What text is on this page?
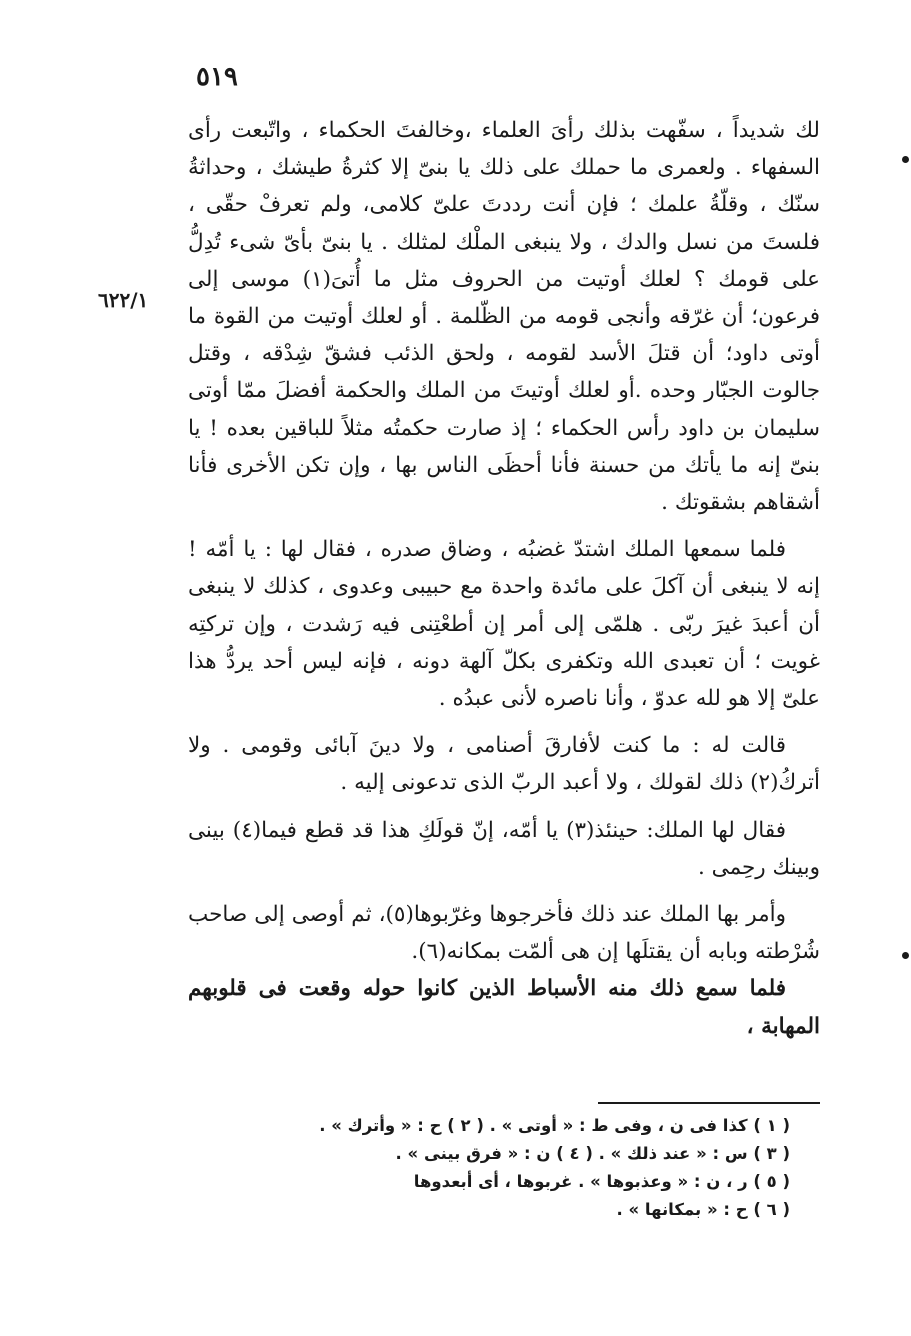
٥١٩
٦٢٢/١

لك شديداً ، سفّهت بذلك رأىَ العلماء ،وخالفتَ الحكماء ، واتّبعت رأى السفهاء . ولعمرى ما حملك على ذلك يا بنىّ إلا كثرةُ طيشك ، وحداثةُ سنّك ، وقلّةُ علمك ؛ فإن أنت رددتَ علىّ كلامى، ولم تعرفْ حقّى ، فلستَ من نسل والدك ، ولا ينبغى الملْك لمثلك . يا بنىّ بأىّ شىء تُدِلُّ على قومك ؟ لعلك أوتيت من الحروف مثل ما أُتىَ(١) موسى إلى فرعون؛ أن غرّقه وأنجى قومه من الظّلمة . أو لعلك أوتيت من القوة ما أوتى داود؛ أن قتلَ الأسد لقومه ، ولحق الذئب فشقّ شِدْقه ، وقتل جالوت الجبّار وحده .أو لعلك أوتيتَ من الملك والحكمة أفضلَ ممّا أوتى سليمان بن داود رأس الحكماء ؛ إذ صارت حكمتُه مثلاً للباقين بعده ! يا بنىّ إنه ما يأتك من حسنة فأنا أحظَى الناس بها ، وإن تكن الأخرى فأنا أشقاهم بشقوتك .

فلما سمعها الملك اشتدّ غضبُه ، وضاق صدره ، فقال لها : يا أمّه ! إنه لا ينبغى أن آكلَ على مائدة واحدة مع حبيبى وعدوى ، كذلك لا ينبغى أن أعبدَ غيرَ ربّى . هلمّى إلى أمر إن أطعْتِنى فيه رَشدت ، وإن تركتِه غويت ؛ أن تعبدى الله وتكفرى بكلّ آلهة دونه ، فإنه ليس أحد يردُّ هذا علىّ إلا هو لله عدوّ ، وأنا ناصره لأنى عبدُه .

قالت له : ما كنت لأفارقَ أصنامى ، ولا دينَ آبائى وقومى . ولا أتركُ(٢) ذلك لقولك ، ولا أعبد الربّ الذى تدعونى إليه .

فقال لها الملك: حينئذ(٣) يا أمّه، إنّ قولَكِ هذا قد قطع فيما(٤) بينى وبينك رحِمى .

وأمر بها الملك عند ذلك فأخرجوها وغرّبوها(٥)، ثم أوصى إلى صاحب شُرْطته وبابه أن يقتلَها إن هى ألمّت بمكانه(٦).

فلما سمع ذلك منه الأسباط الذين كانوا حوله وقعت فى قلوبهم المهابة ،

( ١ ) كذا فى ن ، وفى ط : « أوتى » . ( ٢ ) ح : « وأترك » .
( ٣ ) س : « عند ذلك » . ( ٤ ) ن : « فرق بينى » .
( ٥ ) ر ، ن : « وعذبوها » . غربوها ، أى أبعدوها
( ٦ ) ح : « بمكانها » .
